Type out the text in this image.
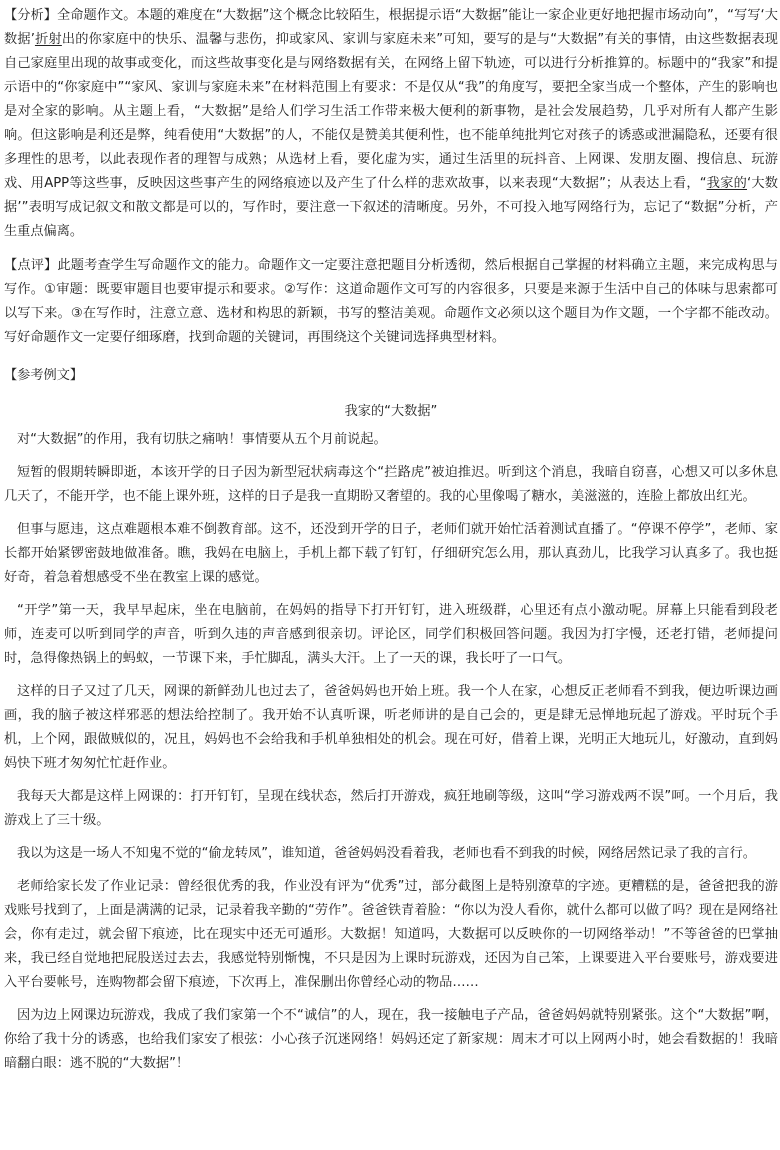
【分析】全命题作文。本题的难度在“大数据”这个概念比较陌生，根据提示语“大数据”能让一家企业更好地把握市场动向”，“写写‘大数据’折射出的你家庭中的快乐、温馨与悲伤，抑或家风、家训与家庭未来”可知，要写的是与“大数据”有关的事情，由这些数据表现自己家庭里出现的故事或变化，而这些故事变化是与网络数据有关，在网络上留下轨迹，可以进行分析推算的。标题中的“我家”和提示语中的“你家庭中”“家风、家训与家庭未来”在材料范围上有要求：不是仅从“我”的角度写，要把全家当成一个整体，产生的影响也是对全家的影响。从主题上看，“大数据”是给人们学习生活工作带来极大便利的新事物，是社会发展趋势，几乎对所有人都产生影响。但这影响是利还是弊，纯看使用“大数据”的人，不能仅是赞美其便利性，也不能单纯批判它对孩子的诱惑或泄漏隐私，还要有很多理性的思考，以此表现作者的理智与成熟；从选材上看，要化虚为实，通过生活里的玩抖音、上网课、发朋友圈、搜信息、玩游戏、用APP等这些事，反映因这些事产生的网络痕迹以及产生了什么样的悲欢故事，以来表现“大数据”；从表达上看，“我家的‘大数据’”表明写成记叙文和散文都是可以的，写作时，要注意一下叙述的清晰度。另外，不可投入地写网络行为，忘记了“数据”分析，产生重点偏离。

【点评】此题考查学生写命题作文的能力。命题作文一定要注意把题目分析透彻，然后根据自己掌握的材料确立主题，来完成构思与写作。①审题：既要审题目也要审提示和要求。②写作：这道命题作文可写的内容很多，只要是来源于生活中自己的体味与思索都可以写下来。③在写作时，注意立意、选材和构思的新颖，书写的整洁美观。命题作文必须以这个题目为作文题，一个字都不能改动。写好命题作文一定要仔细琢磨，找到命题的关键词，再围绕这个关键词选择典型材料。

【参考例文】

我家的“大数据”

对“大数据”的作用，我有切肤之痛呐！事情要从五个月前说起。

短暂的假期转瞬即逝，本该开学的日子因为新型冠状病毒这个“拦路虎”被迫推迟。听到这个消息，我暗自窃喜，心想又可以多休息几天了，不能开学，也不能上课外班，这样的日子是我一直期盼又奢望的。我的心里像喝了糖水，美滋滋的，连脸上都放出红光。

但事与愿违，这点难题根本难不倒教育部。这不，还没到开学的日子，老师们就开始忙活着测试直播了。“停课不停学”，老师、家长都开始紧锣密鼓地做准备。瞧，我妈在电脑上，手机上都下载了钉钉，仔细研究怎么用，那认真劲儿，比我学习认真多了。我也挺好奇，着急着想感受不坐在教室上课的感觉。

“开学”第一天，我早早起床，坐在电脑前，在妈妈的指导下打开钉钉，进入班级群，心里还有点小激动呢。屏幕上只能看到段老师，连麦可以听到同学的声音，听到久违的声音感到很亲切。评论区，同学们积极回答问题。我因为打字慢，还老打错，老师提问时，急得像热锅上的蚂蚁，一节课下来，手忙脚乱，满头大汗。上了一天的课，我长吁了一口气。

这样的日子又过了几天，网课的新鲜劲儿也过去了，爸爸妈妈也开始上班。我一个人在家，心想反正老师看不到我，便边听课边画画，我的脑子被这样邪恶的想法给控制了。我开始不认真听课，听老师讲的是自己会的，更是肆无忌惮地玩起了游戏。平时玩个手机，上个网，跟做贼似的，况且，妈妈也不会给我和手机单独相处的机会。现在可好，借着上课，光明正大地玩儿，好激动，直到妈妈快下班才匆匆忙忙赶作业。

我每天大都是这样上网课的：打开钉钉，呈现在线状态，然后打开游戏，疯狂地刷等级，这叫“学习游戏两不误”呵。一个月后，我游戏上了三十级。

我以为这是一场人不知鬼不觉的“偷龙转凤”，谁知道，爸爸妈妈没看着我，老师也看不到我的时候，网络居然记录了我的言行。

老师给家长发了作业记录：曾经很优秀的我，作业没有评为“优秀”过，部分截图上是特别潦草的字迹。更糟糕的是，爸爸把我的游戏账号找到了，上面是满满的记录，记录着我辛勤的“劳作”。爸爸铁青着脸：“你以为没人看你，就什么都可以做了吗？现在是网络社会，你有走过，就会留下痕迹，比在现实中还无可遁形。大数据！知道吗，大数据可以反映你的一切网络举动！”不等爸爸的巴掌抽来，我已经自觉地把屁股送过去去，我感觉特别惭愧，不只是因为上课时玩游戏，还因为自己笨，上课要进入平台要账号，游戏要进入平台要帐号，连购物都会留下痕迹，下次再上，准保删出你曾经心动的物品……

因为边上网课边玩游戏，我成了我们家第一个不“诚信”的人，现在，我一接触电子产品，爸爸妈妈就特别紧张。这个“大数据”啊，你给了我十分的诱惑，也给我们家安了根弦：小心孩子沉迷网络！妈妈还定了新家规：周末才可以上网两小时，她会看数据的！我暗暗翻白眼：逃不脱的“大数据”！
